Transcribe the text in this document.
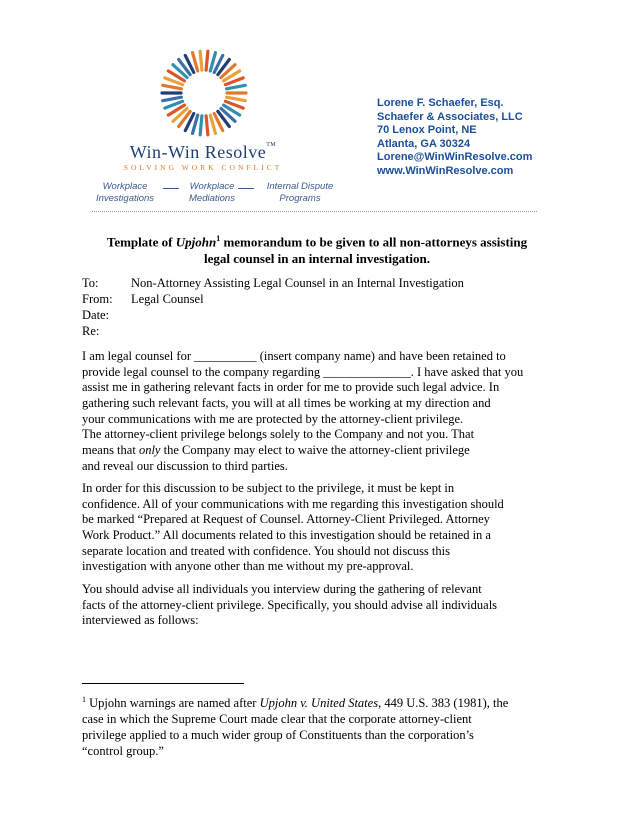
Win-Win Resolve™
SOLVING WORK CONFLICT
Workplace
Investigations
Workplace
Mediations
Internal Dispute
Programs
Lorene F. Schaefer, Esq.
Schaefer & Associates, LLC
70 Lenox Point, NE
Atlanta, GA 30324
Lorene@WinWinResolve.com
www.WinWinResolve.com
Template of Upjohn$^1$ memorandum to be given to all non-attorneys assisting
legal counsel in an internal investigation.
To:	Non-Attorney Assisting Legal Counsel in an Internal Investigation
From: Legal Counsel
Date:
Re:
I am legal counsel for __________ (insert company name) and have been retained to
provide legal counsel to the company regarding ______________. I have asked that you
assist me in gathering relevant facts in order for me to provide such legal advice. In
gathering such relevant facts, you will at all times be working at my direction and
your communications with me are protected by the attorney-client privilege.
The attorney-client privilege belongs solely to the Company and not you. That
means that only the Company may elect to waive the attorney-client privilege
and reveal our discussion to third parties.
In order for this discussion to be subject to the privilege, it must be kept in
confidence. All of your communications with me regarding this investigation should
be marked “Prepared at Request of Counsel. Attorney-Client Privileged. Attorney
Work Product.” All documents related to this investigation should be retained in a
separate location and treated with confidence. You should not discuss this
investigation with anyone other than me without my pre-approval.
You should advise all individuals you interview during the gathering of relevant
facts of the attorney-client privilege. Specifically, you should advise all individuals
interviewed as follows:
$^1$ Upjohn warnings are named after Upjohn v. United States, 449 U.S. 383 (1981), the
case in which the Supreme Court made clear that the corporate attorney-client
privilege applied to a much wider group of Constituents than the corporation’s
“control group.”
